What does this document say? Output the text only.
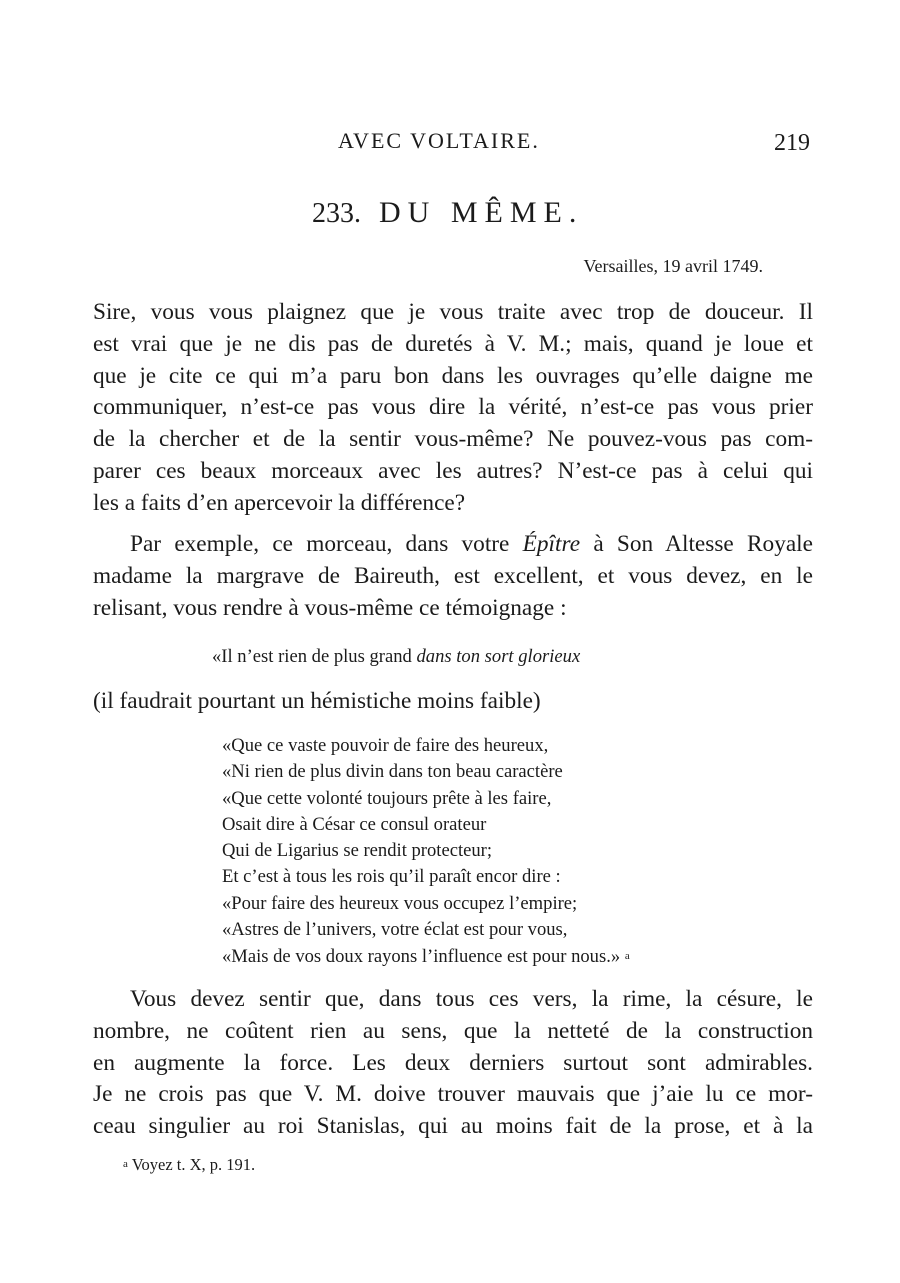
AVEC VOLTAIRE.	219
233. DU MÊME.
Versailles, 19 avril 1749.

Sire, vous vous plaignez que je vous traite avec trop de douceur. Il
est vrai que je ne dis pas de duretés à V. M.; mais, quand je loue et
que je cite ce qui m’a paru bon dans les ouvrages qu’elle daigne me
communiquer, n’est-ce pas vous dire la vérité, n’est-ce pas vous prier
de la chercher et de la sentir vous-même? Ne pouvez-vous pas com-
parer ces beaux morceaux avec les autres? N’est-ce pas à celui qui
les a faits d’en apercevoir la différence?

Par exemple, ce morceau, dans votre Épître à Son Altesse Royale
madame la margrave de Baireuth, est excellent, et vous devez, en le
relisant, vous rendre à vous-même ce témoignage :

«Il n’est rien de plus grand dans ton sort glorieux

(il faudrait pourtant un hémistiche moins faible)

«Que ce vaste pouvoir de faire des heureux,
«Ni rien de plus divin dans ton beau caractère
«Que cette volonté toujours prête à les faire,
Osait dire à César ce consul orateur
Qui de Ligarius se rendit protecteur;
Et c’est à tous les rois qu’il paraît encor dire :
«Pour faire des heureux vous occupez l’empire;
«Astres de l’univers, votre éclat est pour vous,
«Mais de vos doux rayons l’influence est pour nous.» $^a$

Vous devez sentir que, dans tous ces vers, la rime, la césure, le
nombre, ne coûtent rien au sens, que la netteté de la construction
en augmente la force. Les deux derniers surtout sont admirables.
Je ne crois pas que V. M. doive trouver mauvais que j’aie lu ce mor-
ceau singulier au roi Stanislas, qui au moins fait de la prose, et à la

$^a$ Voyez t. X, p. 191.
